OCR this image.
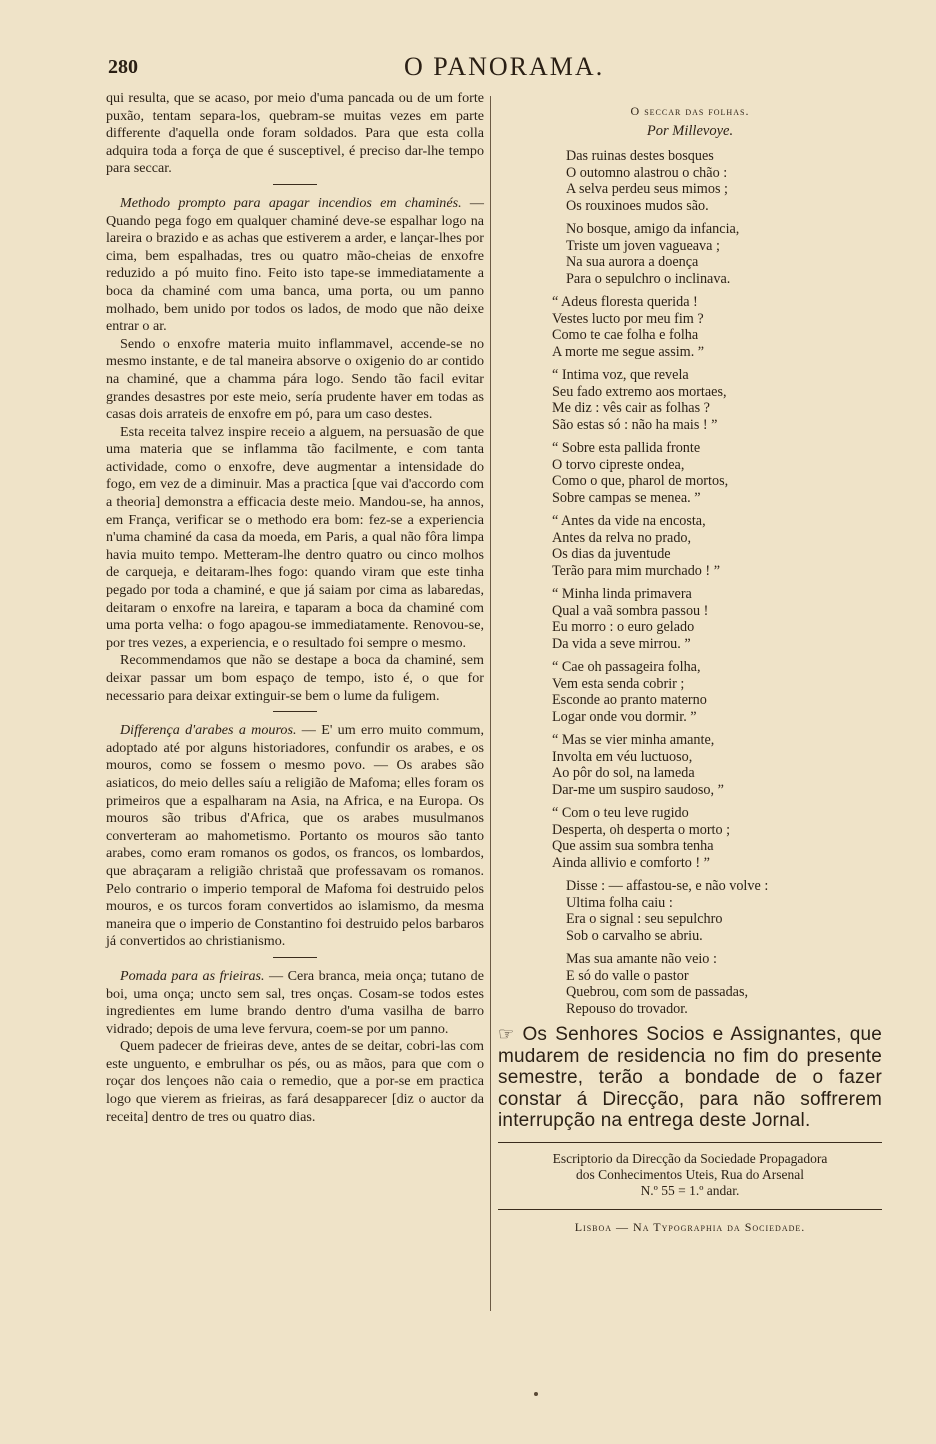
280	O PANORAMA.

qui resulta, que se acaso, por meio d'uma pancada ou de um forte puxão, tentam separa-los, quebram-se muitas vezes em parte differente d'aquella onde foram soldados. Para que esta colla adquira toda a força de que é susceptivel, é preciso dar-lhe tempo para seccar.

Methodo prompto para apagar incendios em chaminés. — Quando pega fogo em qualquer chaminé deve-se espalhar logo na lareira o brazido e as achas que estiverem a arder, e lançar-lhes por cima, bem espalhadas, tres ou quatro mão-cheias de enxofre reduzido a pó muito fino. Feito isto tape-se immediatamente a boca da chaminé com uma banca, uma porta, ou um panno molhado, bem unido por todos os lados, de modo que não deixe entrar o ar.

Sendo o enxofre materia muito inflammavel, accende-se no mesmo instante, e de tal maneira absorve o oxigenio do ar contido na chaminé, que a chamma pára logo. Sendo tão facil evitar grandes desastres por este meio, sería prudente haver em todas as casas dois arrateis de enxofre em pó, para um caso destes.

Esta receita talvez inspire receio a alguem, na persuasão de que uma materia que se inflamma tão facilmente, e com tanta actividade, como o enxofre, deve augmentar a intensidade do fogo, em vez de a diminuir. Mas a practica [que vai d'accordo com a theoria] demonstra a efficacia deste meio. Mandou-se, ha annos, em França, verificar se o methodo era bom: fez-se a experiencia n'uma chaminé da casa da moeda, em Paris, a qual não fôra limpa havia muito tempo. Metteram-lhe dentro quatro ou cinco molhos de carqueja, e deitaram-lhes fogo: quando viram que este tinha pegado por toda a chaminé, e que já saiam por cima as labaredas, deitaram o enxofre na lareira, e taparam a boca da chaminé com uma porta velha: o fogo apagou-se immediatamente. Renovou-se, por tres vezes, a experiencia, e o resultado foi sempre o mesmo.

Recommendamos que não se destape a boca da chaminé, sem deixar passar um bom espaço de tempo, isto é, o que for necessario para deixar extinguir-se bem o lume da fuligem.

Differença d'arabes a mouros. — E' um erro muito commum, adoptado até por alguns historiadores, confundir os arabes, e os mouros, como se fossem o mesmo povo. — Os arabes são asiaticos, do meio delles saíu a religião de Mafoma; elles foram os primeiros que a espalharam na Asia, na Africa, e na Europa. Os mouros são tribus d'Africa, que os arabes musulmanos converteram ao mahometismo. Portanto os mouros são tanto arabes, como eram romanos os godos, os francos, os lombardos, que abraçaram a religião christaã que professavam os romanos. Pelo contrario o imperio temporal de Mafoma foi destruido pelos mouros, e os turcos foram convertidos ao islamismo, da mesma maneira que o imperio de Constantino foi destruido pelos barbaros já convertidos ao christianismo.

Pomada para as frieiras. — Cera branca, meia onça; tutano de boi, uma onça; uncto sem sal, tres onças. Cosam-se todos estes ingredientes em lume brando dentro d'uma vasilha de barro vidrado; depois de uma leve fervura, coem-se por um panno.

Quem padecer de frieiras deve, antes de se deitar, cobri-las com este unguento, e embrulhar os pés, ou as mãos, para que com o roçar dos lençoes não caia o remedio, que a por-se em practica logo que vierem as frieiras, as fará desapparecer [diz o auctor da receita] dentro de tres ou quatro dias.

O seccar das folhas.
Por Millevoye.
Das ruinas destes bosques
O outomno alastrou o chão :
A selva perdeu seus mimos ;
Os rouxinoes mudos são.
No bosque, amigo da infancia,
Triste um joven vagueava ;
Na sua aurora a doença
Para o sepulchro o inclinava.
“ Adeus floresta querida !
Vestes lucto por meu fim ?
Como te cae folha e folha
A morte me segue assim. ”
“ Intima voz, que revela
Seu fado extremo aos mortaes,
Me diz : vês cair as folhas ?
São estas só : não ha mais ! ”
“ Sobre esta pallida fronte
O torvo cipreste ondea,
Como o que, pharol de mortos,
Sobre campas se menea. ”
“ Antes da vide na encosta,
Antes da relva no prado,
Os dias da juventude
Terão para mim murchado ! ”
“ Minha linda primavera
Qual a vaã sombra passou !
Eu morro : o euro gelado
Da vida a seve mirrou. ”
“ Cae oh passageira folha,
Vem esta senda cobrir ;
Esconde ao pranto materno
Logar onde vou dormir. ”
“ Mas se vier minha amante,
Involta em véu luctuoso,
Ao pôr do sol, na lameda
Dar-me um suspiro saudoso, ”
“ Com o teu leve rugido
Desperta, oh desperta o morto ;
Que assim sua sombra tenha
Ainda allivio e comforto ! ”
Disse : — affastou-se, e não volve :
Ultima folha caiu :
Era o signal : seu sepulchro
Sob o carvalho se abriu.
Mas sua amante não veio :
E só do valle o pastor
Quebrou, com som de passadas,
Repouso do trovador.
☞ Os Senhores Socios e Assignantes, que mudarem de residencia no fim do presente semestre, terão a bondade de o fazer constar á Direcção, para não soffrerem interrupção na entrega deste Jornal.
Escriptorio da Direcção da Sociedade Propagadora
dos Conhecimentos Uteis, Rua do Arsenal
N.º 55 = 1.º andar.
Lisboa — Na Typographia da Sociedade.
